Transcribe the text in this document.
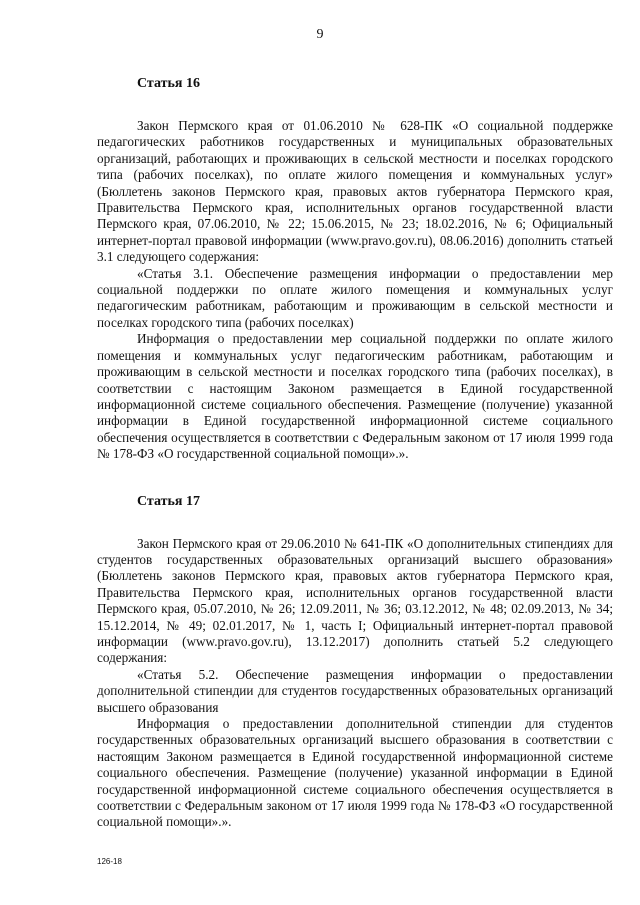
9
Статья 16

Закон Пермского края от 01.06.2010 № 628-ПК «О социальной поддержке педагогических работников государственных и муниципальных образовательных организаций, работающих и проживающих в сельской местности и поселках городского типа (рабочих поселках), по оплате жилого помещения и коммунальных услуг» (Бюллетень законов Пермского края, правовых актов губернатора Пермского края, Правительства Пермского края, исполнительных органов государственной власти Пермского края, 07.06.2010, № 22; 15.06.2015, № 23; 18.02.2016, № 6; Официальный интернет-портал правовой информации (www.pravo.gov.ru), 08.06.2016) дополнить статьей 3.1 следующего содержания:

«Статья 3.1. Обеспечение размещения информации о предоставлении мер социальной поддержки по оплате жилого помещения и коммунальных услуг педагогическим работникам, работающим и проживающим в сельской местности и поселках городского типа (рабочих поселках)

Информация о предоставлении мер социальной поддержки по оплате жилого помещения и коммунальных услуг педагогическим работникам, работающим и проживающим в сельской местности и поселках городского типа (рабочих поселках), в соответствии с настоящим Законом размещается в Единой государственной информационной системе социального обеспечения. Размещение (получение) указанной информации в Единой государственной информационной системе социального обеспечения осуществляется в соответствии с Федеральным законом от 17 июля 1999 года № 178-ФЗ «О государственной социальной помощи».».

Статья 17

Закон Пермского края от 29.06.2010 № 641-ПК «О дополнительных стипендиях для студентов государственных образовательных организаций высшего образования» (Бюллетень законов Пермского края, правовых актов губернатора Пермского края, Правительства Пермского края, исполнительных органов государственной власти Пермского края, 05.07.2010, № 26; 12.09.2011, № 36; 03.12.2012, № 48; 02.09.2013, № 34; 15.12.2014, № 49; 02.01.2017, № 1, часть I; Официальный интернет-портал правовой информации (www.pravo.gov.ru), 13.12.2017) дополнить статьей 5.2 следующего содержания:

«Статья 5.2. Обеспечение размещения информации о предоставлении дополнительной стипендии для студентов государственных образовательных организаций высшего образования

Информация о предоставлении дополнительной стипендии для студентов государственных образовательных организаций высшего образования в соответствии с настоящим Законом размещается в Единой государственной информационной системе социального обеспечения. Размещение (получение) указанной информации в Единой государственной информационной системе социального обеспечения осуществляется в соответствии с Федеральным законом от 17 июля 1999 года № 178-ФЗ «О государственной социальной помощи».».

126-18
